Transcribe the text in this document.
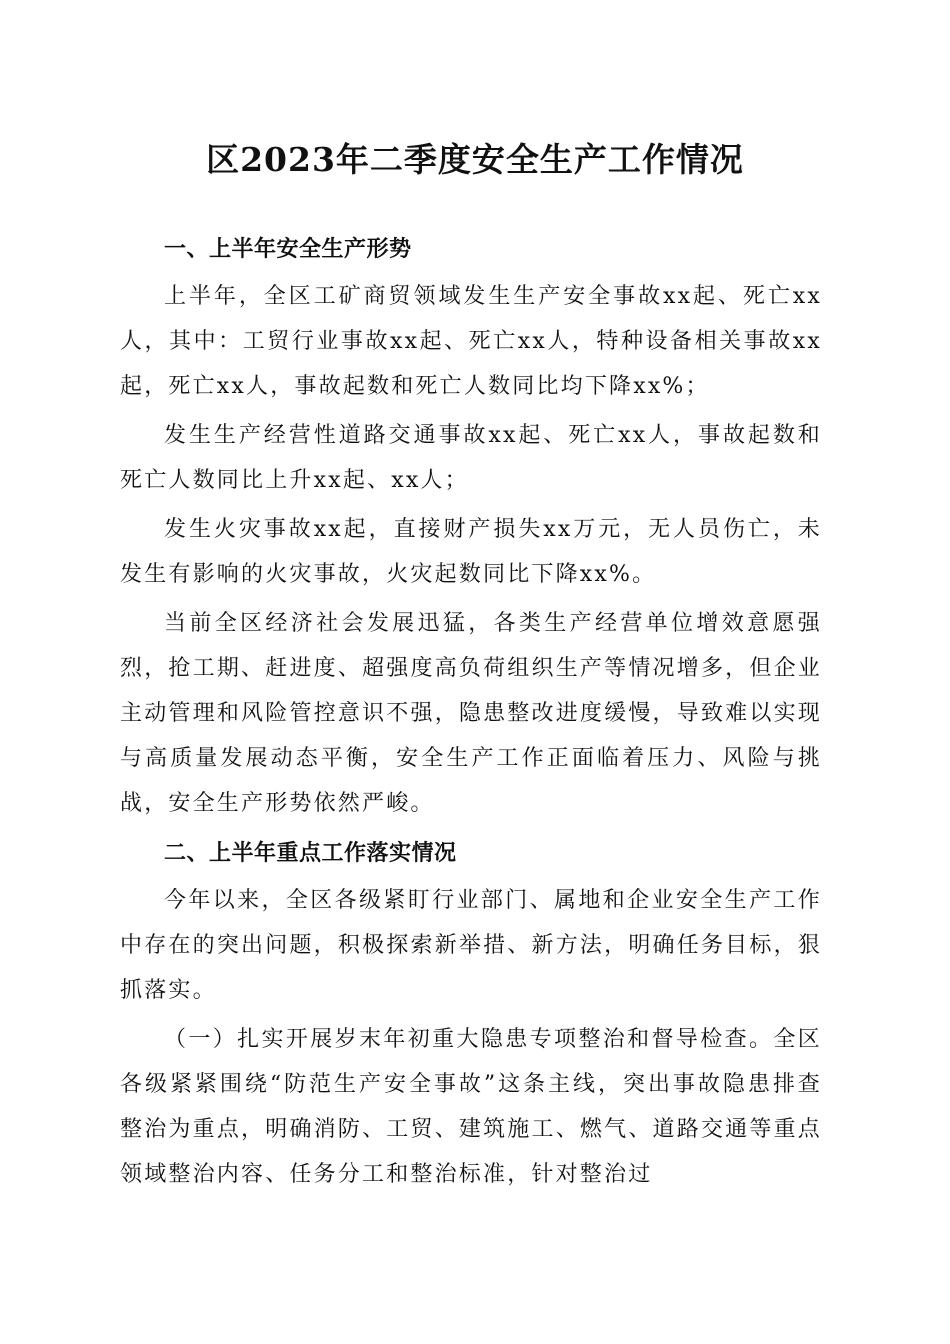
区2023年二季度安全生产工作情况

一、上半年安全生产形势

上半年，全区工矿商贸领域发生生产安全事故xx起、死亡xx人，其中：工贸行业事故xx起、死亡xx人，特种设备相关事故xx起，死亡xx人，事故起数和死亡人数同比均下降xx%；

发生生产经营性道路交通事故xx起、死亡xx人，事故起数和死亡人数同比上升xx起、xx人；

发生火灾事故xx起，直接财产损失xx万元，无人员伤亡，未发生有影响的火灾事故，火灾起数同比下降xx%。

当前全区经济社会发展迅猛，各类生产经营单位增效意愿强烈，抢工期、赶进度、超强度高负荷组织生产等情况增多，但企业主动管理和风险管控意识不强，隐患整改进度缓慢，导致难以实现与高质量发展动态平衡，安全生产工作正面临着压力、风险与挑战，安全生产形势依然严峻。

二、上半年重点工作落实情况

今年以来，全区各级紧盯行业部门、属地和企业安全生产工作中存在的突出问题，积极探索新举措、新方法，明确任务目标，狠抓落实。

（一）扎实开展岁末年初重大隐患专项整治和督导检查。全区各级紧紧围绕“防范生产安全事故”这条主线，突出事故隐患排查整治为重点，明确消防、工贸、建筑施工、燃气、道路交通等重点领域整治内容、任务分工和整治标准，针对整治过
